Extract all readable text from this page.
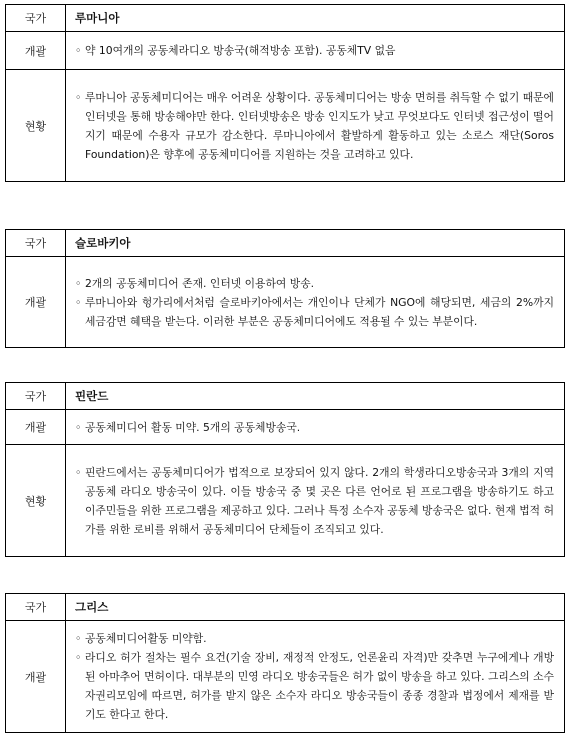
국가	루마니아
개괄	◦ 약 10여개의 공동체라디오 방송국(해적방송 포함). 공동체TV 없음

현황	◦ 루마니아 공동체미디어는 매우 어려운 상황이다. 공동체미디어는 방송 면허를 취득할 수 없기 때문에 인터넷을 통해 방송해야만 한다. 인터넷방송은 방송 인지도가 낮고 무엇보다도 인터넷 접근성이 떨어지기 때문에 수용자 규모가 감소한다. 루마니아에서 활발하게 활동하고 있는 소로스 재단(Soros Foundation)은 향후에 공동체미디어를 지원하는 것을 고려하고 있다.
국가	슬로바키아
개괄	◦ 2개의 공동체미디어 존재. 인터넷 이용하여 방송.
◦ 루마니아와 헝가리에서처럼 슬로바키아에서는 개인이나 단체가 NGO에 해당되면, 세금의 2%까지 세금감면 혜택을 받는다. 이러한 부분은 공동체미디어에도 적용될 수 있는 부분이다.
국가	핀란드
개괄	◦ 공동체미디어 활동 미약. 5개의 공동체방송국.

현황	◦ 핀란드에서는 공동체미디어가 법적으로 보장되어 있지 않다. 2개의 학생라디오방송국과 3개의 지역 공동체 라디오 방송국이 있다. 이들 방송국 중 몇 곳은 다른 언어로 된 프로그램을 방송하기도 하고 이주민들을 위한 프로그램을 제공하고 있다. 그러나 특정 소수자 공동체 방송국은 없다. 현재 법적 허가를 위한 로비를 위해서 공동체미디어 단체들이 조직되고 있다.
국가	그리스
개괄	◦ 공동체미디어활동 미약함.
◦ 라디오 허가 절차는 필수 요건(기술 장비, 재정적 안정도, 언론윤리 자격)만 갖추면 누구에게나 개방된 아마추어 면허이다. 대부분의 민영 라디오 방송국들은 허가 없이 방송을 하고 있다. 그리스의 소수자권리모임에 따르면, 허가를 받지 않은 소수자 라디오 방송국들이 종종 경찰과 법정에서 제재를 받기도 한다고 한다.
